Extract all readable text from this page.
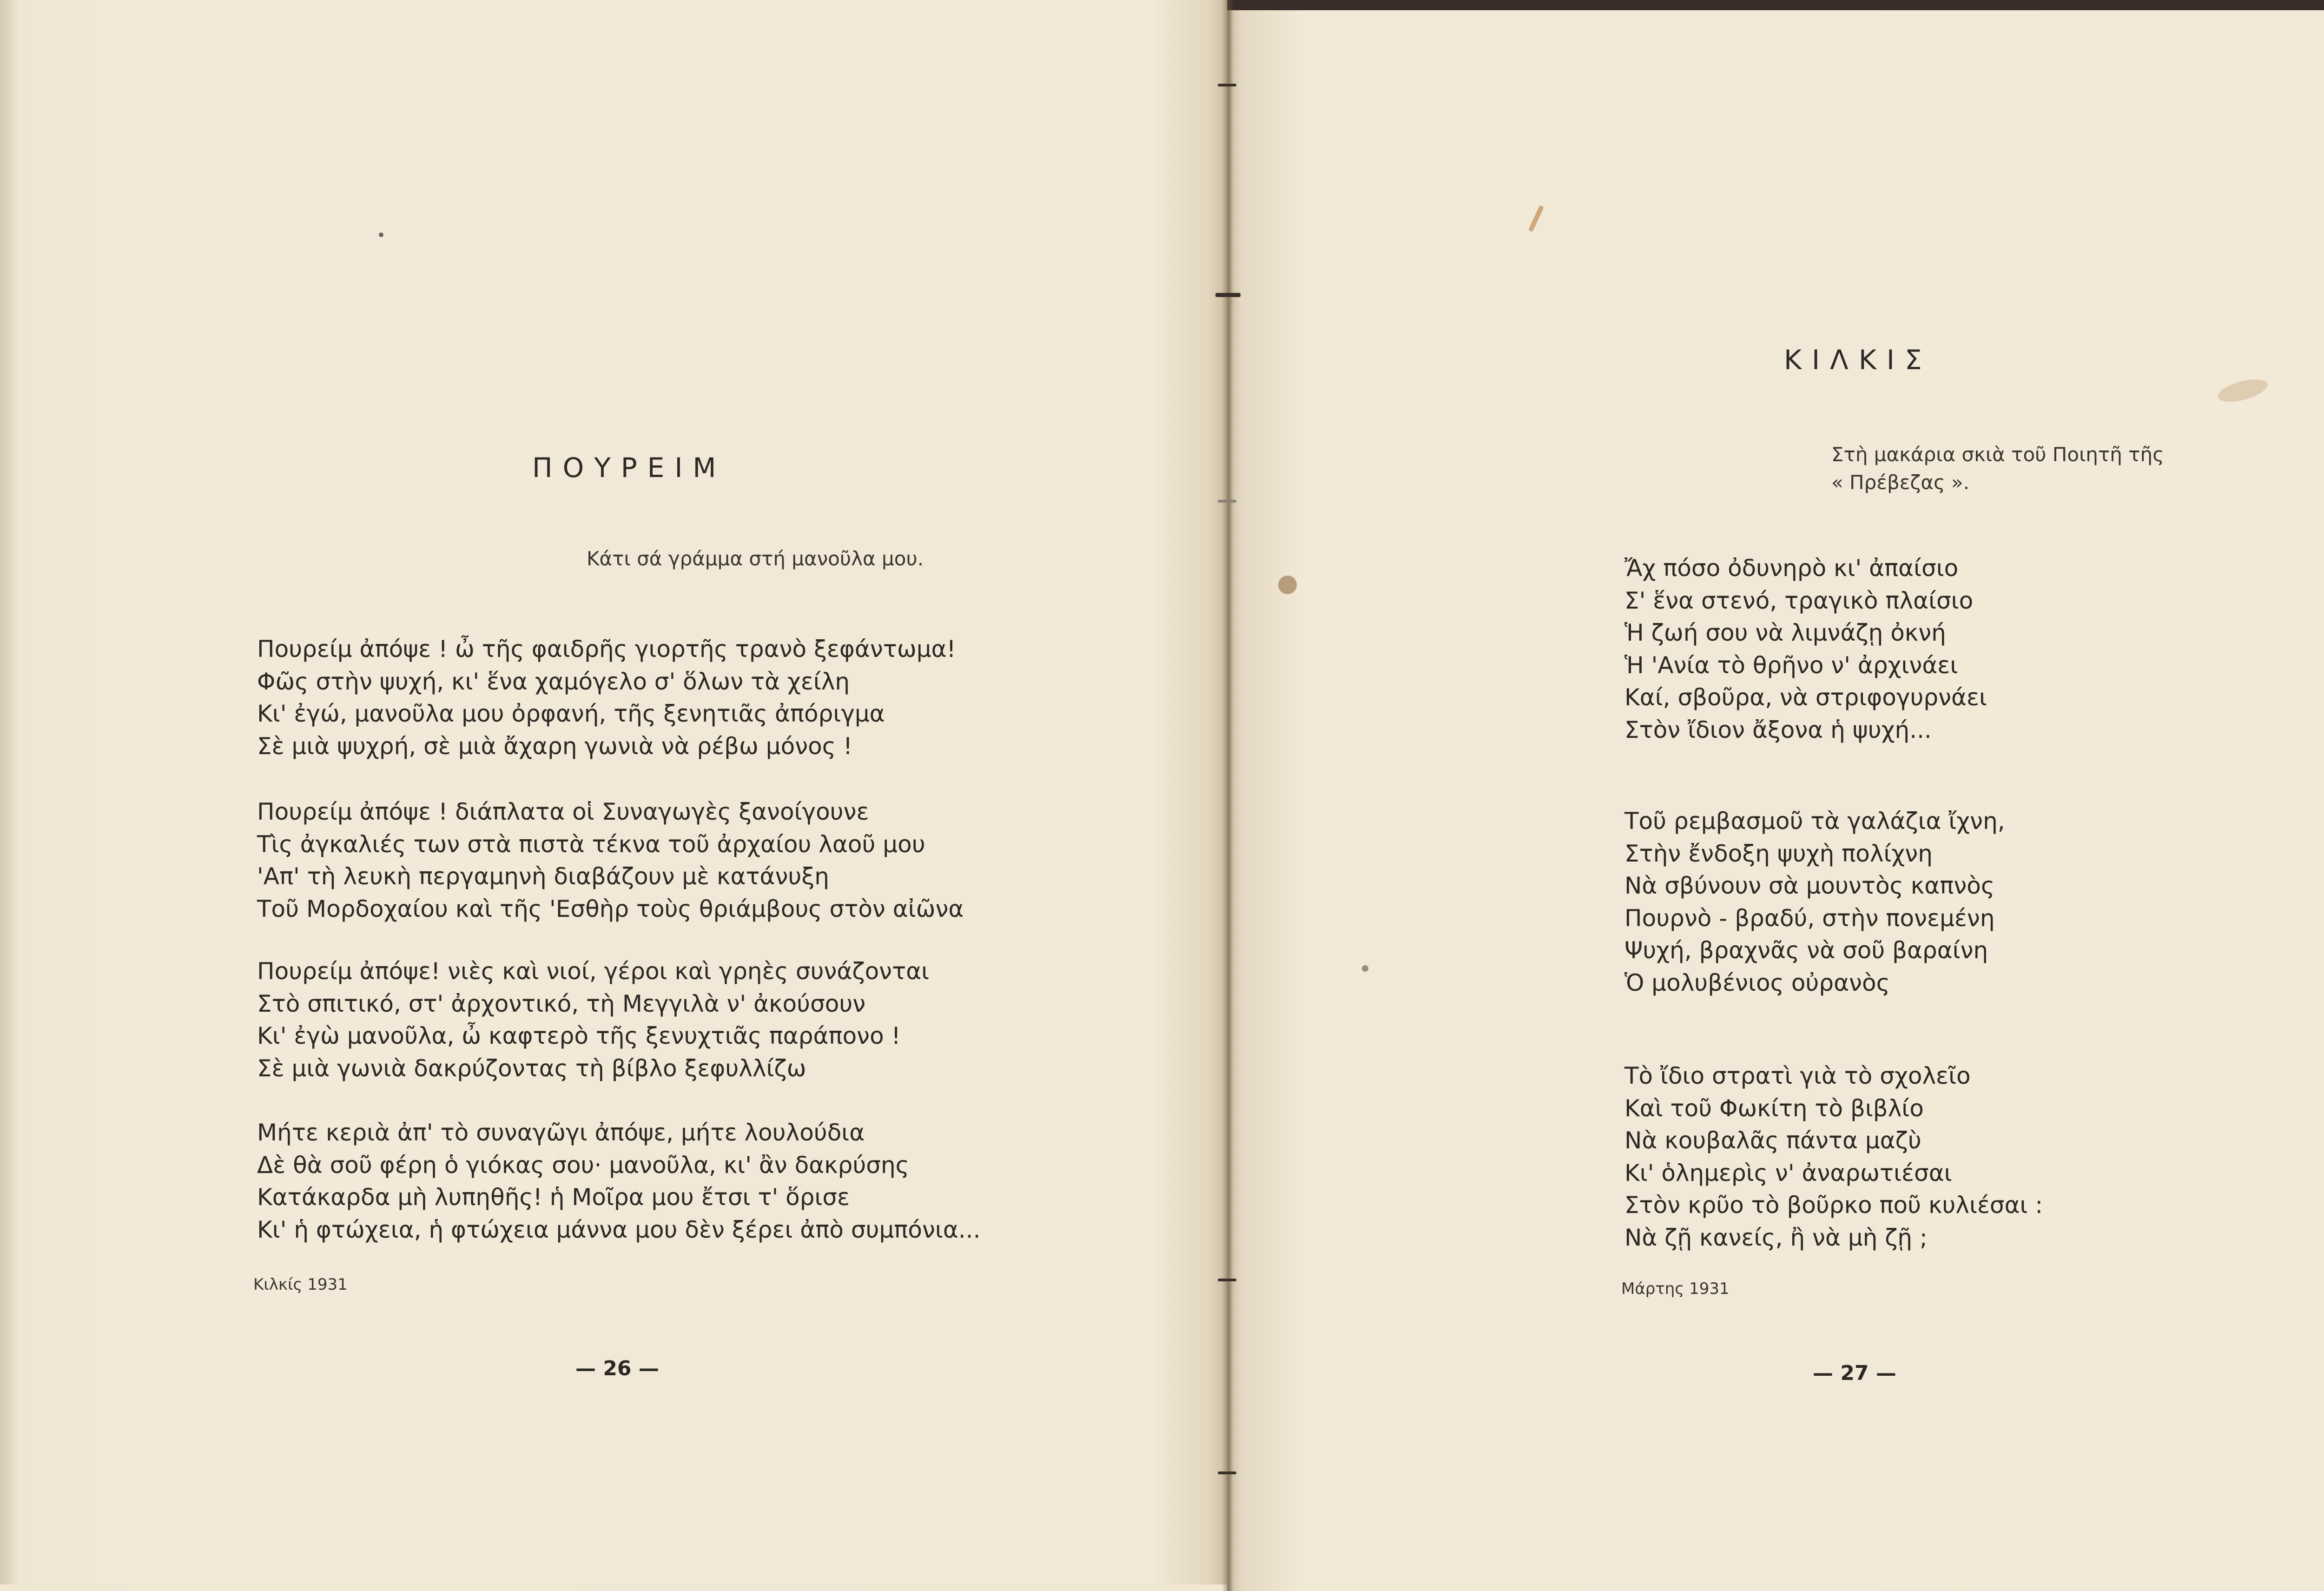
ΠΟΥΡΕΙΜ
Κάτι σά γράμμα στή μανοῦλα μου.
Πουρείμ ἀπόψε ! ὦ τῆς φαιδρῆς γιορτῆς τρανὸ ξεφάντωμα!
Φῶς στὴν ψυχή, κι' ἕνα χαμόγελο σ' ὅλων τὰ χείλη
Κι' ἐγώ, μανοῦλα μου ὀρφανή, τῆς ξενητιᾶς ἀπόριγμα
Σὲ μιὰ ψυχρή, σὲ μιὰ ἄχαρη γωνιὰ νὰ ρέβω μόνος !
Πουρείμ ἀπόψε ! διάπλατα οἱ Συναγωγὲς ξανοίγουνε
Τὶς ἀγκαλιές των στὰ πιστὰ τέκνα τοῦ ἀρχαίου λαοῦ μου
'Απ' τὴ λευκὴ περγαμηνὴ διαβάζουν μὲ κατάνυξη
Τοῦ Μορδοχαίου καὶ τῆς 'Εσθὴρ τοὺς θριάμβους στὸν αἰῶνα
Πουρείμ ἀπόψε! νιὲς καὶ νιοί, γέροι καὶ γρηὲς συνάζονται
Στὸ σπιτικό, στ' ἀρχοντικό, τὴ Μεγγιλὰ ν' ἀκούσουν
Κι' ἐγὼ μανοῦλα, ὦ καφτερὸ τῆς ξενυχτιᾶς παράπονο !
Σὲ μιὰ γωνιὰ δακρύζοντας τὴ βίβλο ξεφυλλίζω
Μήτε κεριὰ ἀπ' τὸ συναγῶγι ἀπόψε, μήτε λουλούδια
Δὲ θὰ σοῦ φέρη ὁ γιόκας σου· μανοῦλα, κι' ἂν δακρύσης
Κατάκαρδα μὴ λυπηθῆς! ἡ Μοῖρα μου ἔτσι τ' ὅρισε
Κι' ἡ φτώχεια, ἡ φτώχεια μάννα μου δὲν ξέρει ἀπὸ συμπόνια...
Κιλκίς 1931
— 26 —
ΚΙΛΚΙΣ
Στὴ μακάρια σκιὰ τοῦ Ποιητῆ τῆς
« Πρέβεζας ».
Ἄχ πόσο ὀδυνηρὸ κι' ἀπαίσιο
Σ' ἕνα στενό, τραγικὸ πλαίσιο
Ἡ ζωή σου νὰ λιμνάζῃ ὀκνή
Ἡ 'Ανία τὸ θρῆνο ν' ἀρχινάει
Καί, σβοῦρα, νὰ στριφογυρνάει
Στὸν ἴδιον ἄξονα ἡ ψυχή...
Τοῦ ρεμβασμοῦ τὰ γαλάζια ἴχνη,
Στὴν ἔνδοξη ψυχὴ πολίχνη
Νὰ σβύνουν σὰ μουντὸς καπνὸς
Πουρνὸ - βραδύ, στὴν πονεμένη
Ψυχή, βραχνᾶς νὰ σοῦ βαραίνη
Ὁ μολυβένιος οὐρανὸς
Τὸ ἴδιο στρατὶ γιὰ τὸ σχολεῖο
Καὶ τοῦ Φωκίτη τὸ βιβλίο
Νὰ κουβαλᾶς πάντα μαζὺ
Κι' ὁλημερὶς ν' ἀναρωτιέσαι
Στὸν κρῦο τὸ βοῦρκο ποῦ κυλιέσαι :
Νὰ ζῇ κανείς, ἢ νὰ μὴ ζῇ ;
Μάρτης 1931
— 27 —
